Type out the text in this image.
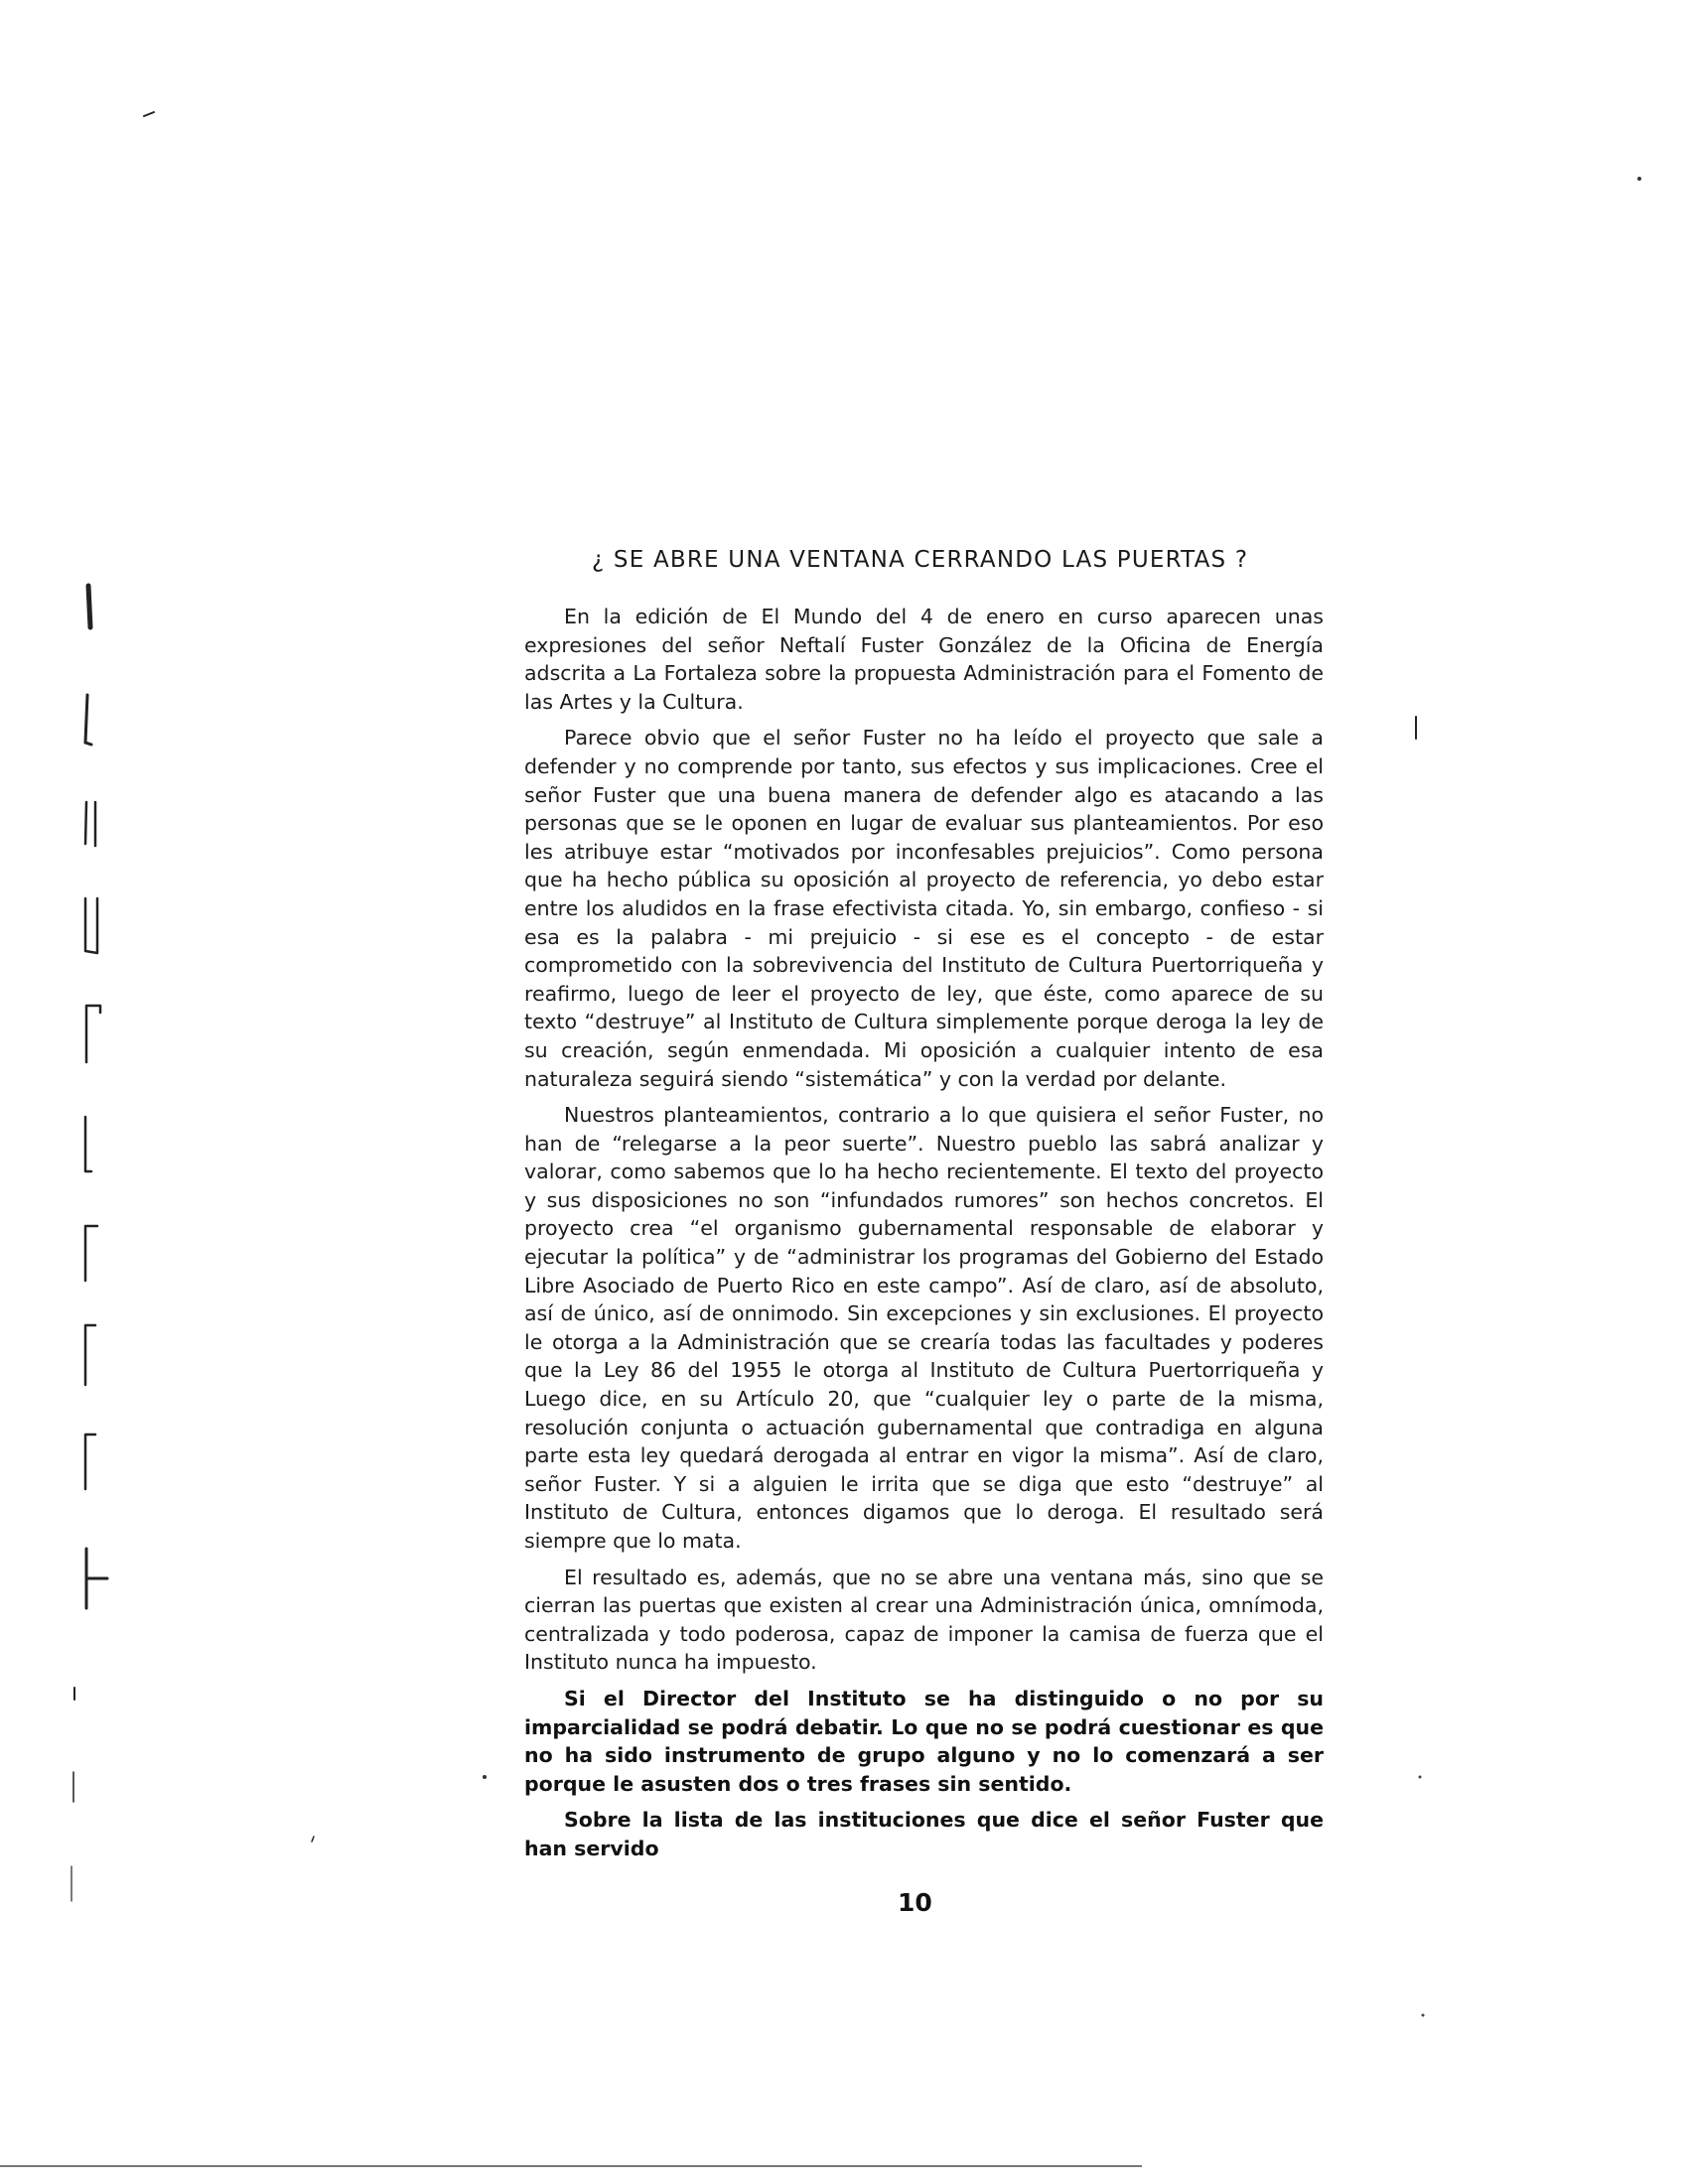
¿ SE ABRE UNA VENTANA CERRANDO LAS PUERTAS ?

En la edición de El Mundo del 4 de enero en curso aparecen unas expresiones del señor Neftalí Fuster González de la Oficina de Energía adscrita a La Fortaleza sobre la propuesta Administración para el Fomento de las Artes y la Cultura.

Parece obvio que el señor Fuster no ha leído el proyecto que sale a defender y no comprende por tanto, sus efectos y sus implicaciones. Cree el señor Fuster que una buena manera de defender algo es atacando a las personas que se le oponen en lugar de evaluar sus planteamientos. Por eso les atribuye estar “motivados por inconfesables prejuicios”. Como persona que ha hecho pública su oposición al proyecto de referencia, yo debo estar entre los aludidos en la frase efectivista citada. Yo, sin embargo, confieso - si esa es la palabra - mi prejuicio - si ese es el concepto - de estar comprometido con la sobrevivencia del Instituto de Cultura Puertorriqueña y reafirmo, luego de leer el proyecto de ley, que éste, como aparece de su texto “destruye” al Instituto de Cultura simplemente porque deroga la ley de su creación, según enmendada. Mi oposición a cualquier intento de esa naturaleza seguirá siendo “sistemática” y con la verdad por delante.

Nuestros planteamientos, contrario a lo que quisiera el señor Fuster, no han de “relegarse a la peor suerte”. Nuestro pueblo las sabrá analizar y valorar, como sabemos que lo ha hecho recientemente. El texto del proyecto y sus disposiciones no son “infundados rumores” son hechos concretos. El proyecto crea “el organismo gubernamental responsable de elaborar y ejecutar la política” y de “administrar los programas del Gobierno del Estado Libre Asociado de Puerto Rico en este campo”. Así de claro, así de absoluto, así de único, así de onnimodo. Sin excepciones y sin exclusiones. El proyecto le otorga a la Administración que se crearía todas las facultades y poderes que la Ley 86 del 1955 le otorga al Instituto de Cultura Puertorriqueña y Luego dice, en su Artículo 20, que “cualquier ley o parte de la misma, resolución conjunta o actuación gubernamental que contradiga en alguna parte esta ley quedará derogada al entrar en vigor la misma”. Así de claro, señor Fuster. Y si a alguien le irrita que se diga que esto “destruye” al Instituto de Cultura, entonces digamos que lo deroga. El resultado será siempre que lo mata.

El resultado es, además, que no se abre una ventana más, sino que se cierran las puertas que existen al crear una Administración única, omnímoda, centralizada y todo poderosa, capaz de imponer la camisa de fuerza que el Instituto nunca ha impuesto.

Si el Director del Instituto se ha distinguido o no por su imparcialidad se podrá debatir. Lo que no se podrá cuestionar es que no ha sido instrumento de grupo alguno y no lo comenzará a ser porque le asusten dos o tres frases sin sentido.

Sobre la lista de las instituciones que dice el señor Fuster que han servido

10
